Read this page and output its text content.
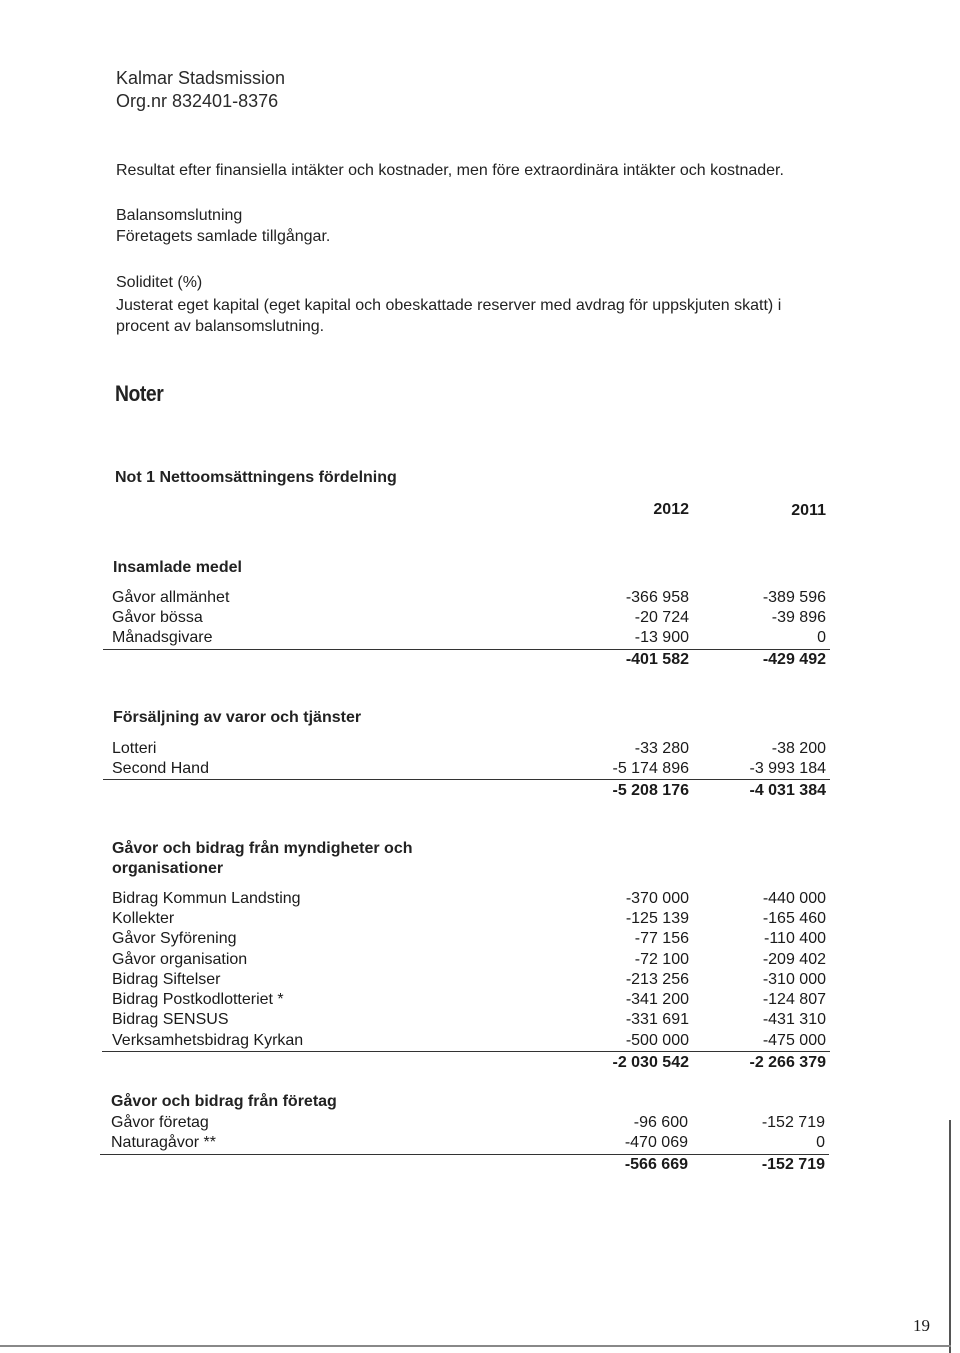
Kalmar Stadsmission
Org.nr 832401-8376
Resultat efter finansiella intäkter och kostnader, men före extraordinära intäkter och kostnader.
Balansomslutning
Företagets samlade tillgångar.
Soliditet (%)
Justerat eget kapital (eget kapital och obeskattade reserver med avdrag för uppskjuten skatt) i
procent av balansomslutning.
Noter
Not 1 Nettoomsättningens fördelning
2012	2011
Insamlade medel
Gåvor allmänhet	-366 958	-389 596
Gåvor bössa	-20 724	-39 896
Månadsgivare	-13 900	0
-401 582	-429 492
Försäljning av varor och tjänster
Lotteri	-33 280	-38 200
Second Hand	-5 174 896	-3 993 184
-5 208 176	-4 031 384
Gåvor och bidrag från myndigheter och
organisationer
Bidrag Kommun Landsting	-370 000	-440 000
Kollekter	-125 139	-165 460
Gåvor Syförening	-77 156	-110 400
Gåvor organisation	-72 100	-209 402
Bidrag Siftelser	-213 256	-310 000
Bidrag Postkodlotteriet *	-341 200	-124 807
Bidrag SENSUS	-331 691	-431 310
Verksamhetsbidrag Kyrkan	-500 000	-475 000
-2 030 542	-2 266 379
Gåvor och bidrag från företag
Gåvor företag	-96 600	-152 719
Naturagåvor **	-470 069	0
-566 669	-152 719
19
